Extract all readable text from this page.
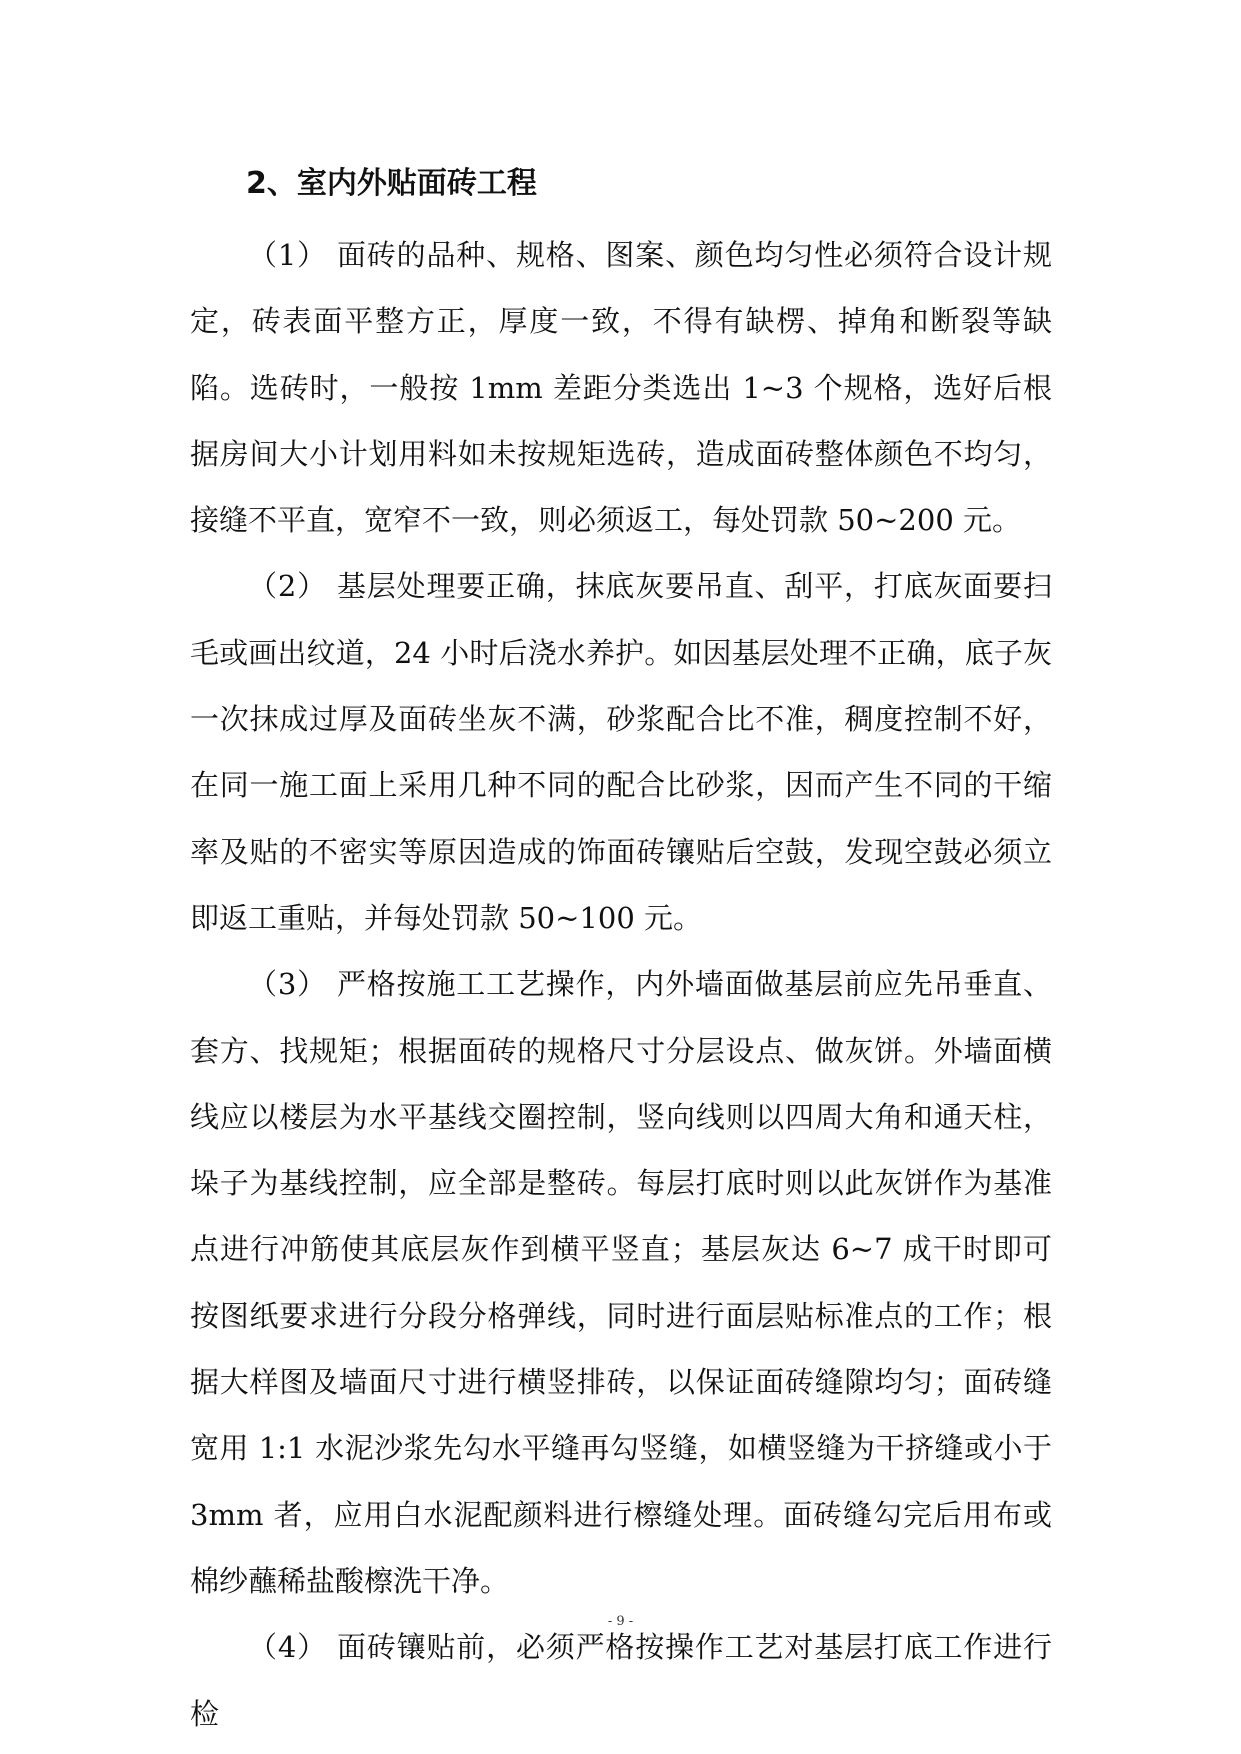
2、室内外贴面砖工程

（1） 面砖的品种、规格、图案、颜色均匀性必须符合设计规定，砖表面平整方正，厚度一致，不得有缺楞、掉角和断裂等缺陷。选砖时，一般按 1mm 差距分类选出 1~3 个规格，选好后根据房间大小计划用料如未按规矩选砖，造成面砖整体颜色不均匀，接缝不平直，宽窄不一致，则必须返工，每处罚款 50~200 元。

（2） 基层处理要正确，抹底灰要吊直、刮平，打底灰面要扫毛或画出纹道，24 小时后浇水养护。如因基层处理不正确，底子灰一次抹成过厚及面砖坐灰不满，砂浆配合比不准，稠度控制不好，在同一施工面上采用几种不同的配合比砂浆，因而产生不同的干缩率及贴的不密实等原因造成的饰面砖镶贴后空鼓，发现空鼓必须立即返工重贴，并每处罚款 50~100 元。

（3） 严格按施工工艺操作，内外墙面做基层前应先吊垂直、套方、找规矩；根据面砖的规格尺寸分层设点、做灰饼。外墙面横线应以楼层为水平基线交圈控制，竖向线则以四周大角和通天柱，垛子为基线控制，应全部是整砖。每层打底时则以此灰饼作为基准点进行冲筋使其底层灰作到横平竖直；基层灰达 6~7 成干时即可按图纸要求进行分段分格弹线，同时进行面层贴标准点的工作；根据大样图及墙面尺寸进行横竖排砖，以保证面砖缝隙均匀；面砖缝宽用 1:1 水泥沙浆先勾水平缝再勾竖缝，如横竖缝为干挤缝或小于 3mm 者，应用白水泥配颜料进行檫缝处理。面砖缝勾完后用布或棉纱蘸稀盐酸檫洗干净。

（4） 面砖镶贴前，必须严格按操作工艺对基层打底工作进行检

- 9 -
